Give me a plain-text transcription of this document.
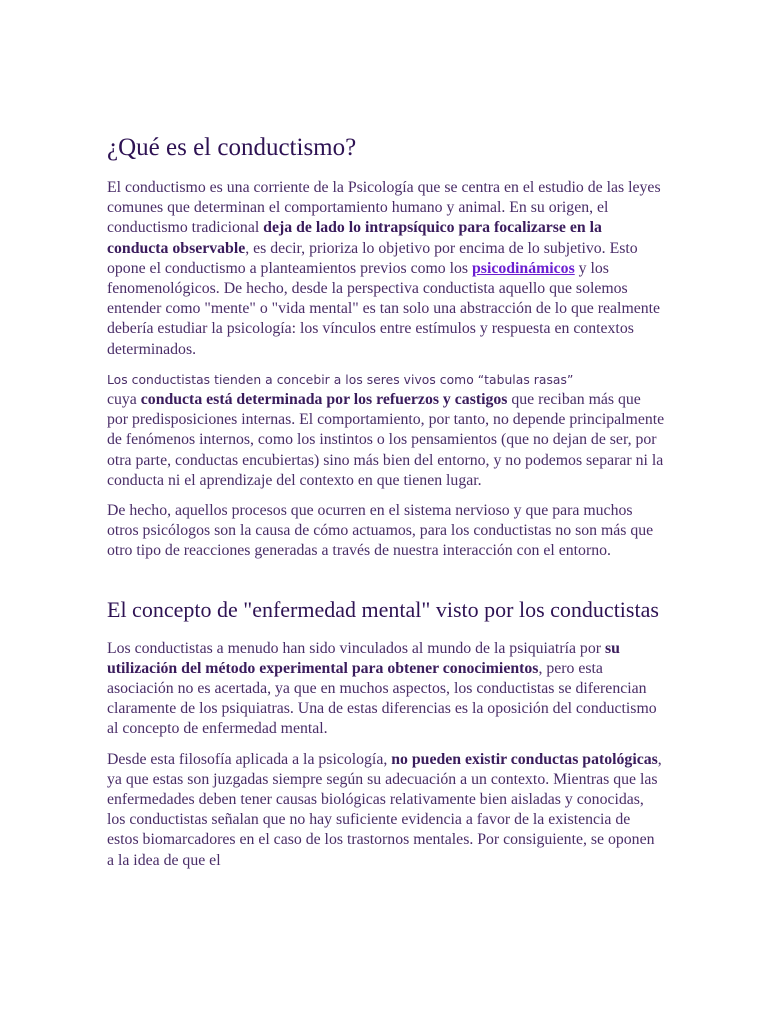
¿Qué es el conductismo?

El conductismo es una corriente de la Psicología que se centra en el estudio de las leyes comunes que determinan el comportamiento humano y animal. En su origen, el conductismo tradicional deja de lado lo intrapsíquico para focalizarse en la conducta observable, es decir, prioriza lo objetivo por encima de lo subjetivo. Esto opone el conductismo a planteamientos previos como los psicodinámicos y los fenomenológicos. De hecho, desde la perspectiva conductista aquello que solemos entender como "mente" o "vida mental" es tan solo una abstracción de lo que realmente debería estudiar la psicología: los vínculos entre estímulos y respuesta en contextos determinados.

Los conductistas tienden a concebir a los seres vivos como “tabulas rasas”
cuya conducta está determinada por los refuerzos y castigos que reciban más que por predisposiciones internas. El comportamiento, por tanto, no depende principalmente de fenómenos internos, como los instintos o los pensamientos (que no dejan de ser, por otra parte, conductas encubiertas) sino más bien del entorno, y no podemos separar ni la conducta ni el aprendizaje del contexto en que tienen lugar.

De hecho, aquellos procesos que ocurren en el sistema nervioso y que para muchos otros psicólogos son la causa de cómo actuamos, para los conductistas no son más que otro tipo de reacciones generadas a través de nuestra interacción con el entorno.

El concepto de "enfermedad mental" visto por los conductistas

Los conductistas a menudo han sido vinculados al mundo de la psiquiatría por su utilización del método experimental para obtener conocimientos, pero esta asociación no es acertada, ya que en muchos aspectos, los conductistas se diferencian claramente de los psiquiatras. Una de estas diferencias es la oposición del conductismo al concepto de enfermedad mental.

Desde esta filosofía aplicada a la psicología, no pueden existir conductas patológicas, ya que estas son juzgadas siempre según su adecuación a un contexto. Mientras que las enfermedades deben tener causas biológicas relativamente bien aisladas y conocidas, los conductistas señalan que no hay suficiente evidencia a favor de la existencia de estos biomarcadores en el caso de los trastornos mentales. Por consiguiente, se oponen a la idea de que el
